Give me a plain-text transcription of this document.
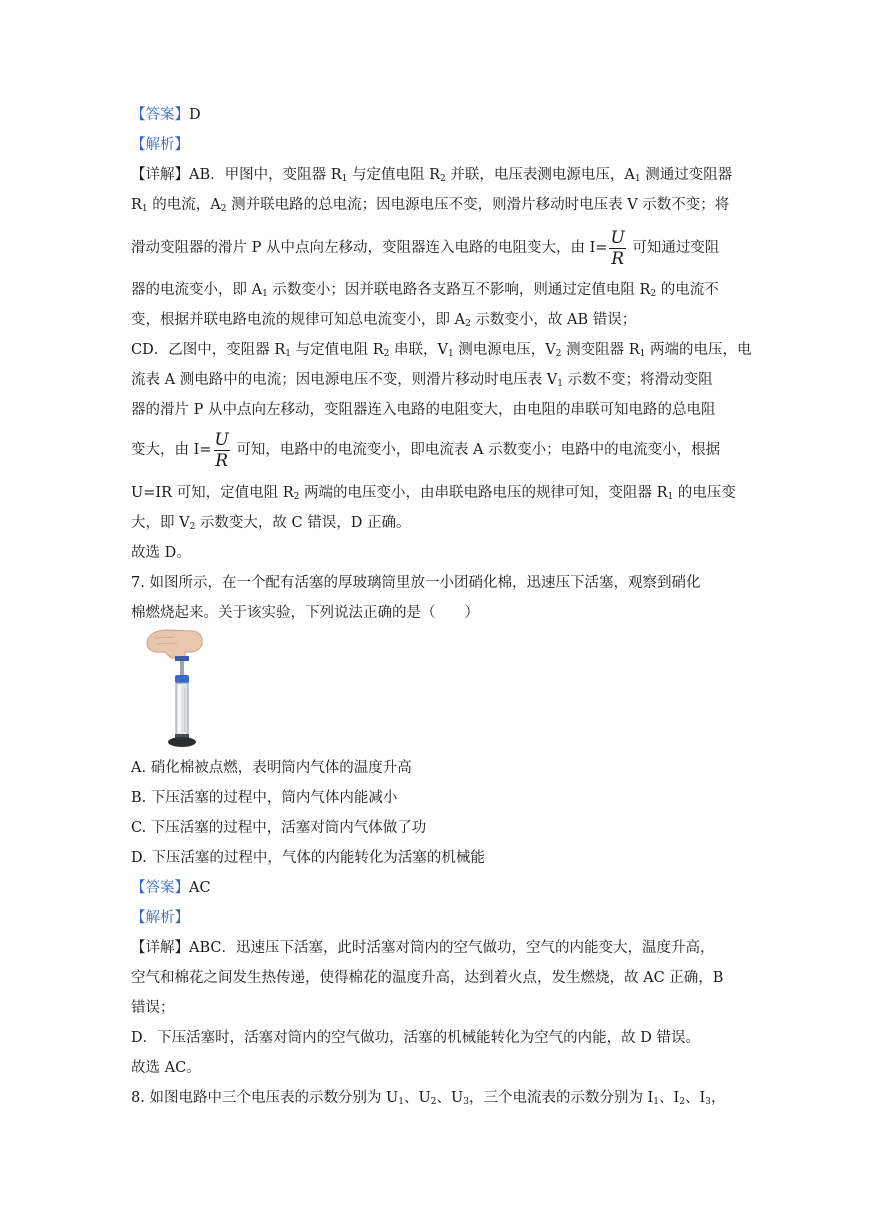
【答案】D
【解析】
【详解】AB．甲图中，变阻器 $R_1$ 与定值电阻 $R_2$ 并联，电压表测电源电压，$A_1$ 测通过变阻器
$R_1$ 的电流，$A_2$ 测并联电路的总电流；因电源电压不变，则滑片移动时电压表 V 示数不变；将
滑动变阻器的滑片 P 从中点向左移动，变阻器连入电路的电阻变大，由 $I= \frac{U}{R}$ 可知通过变阻
器的电流变小，即 $A_1$ 示数变小；因并联电路各支路互不影响，则通过定值电阻 $R_2$ 的电流不
变，根据并联电路电流的规律可知总电流变小，即 $A_2$ 示数变小，故 AB 错误；
CD．乙图中，变阻器 $R_1$ 与定值电阻 $R_2$ 串联，$V_1$ 测电源电压，$V_2$ 测变阻器 $R_1$ 两端的电压，电
流表 A 测电路中的电流；因电源电压不变，则滑片移动时电压表 $V_1$ 示数不变；将滑动变阻
器的滑片 P 从中点向左移动，变阻器连入电路的电阻变大，由电阻的串联可知电路的总电阻
变大，由 $I= \frac{U}{R}$ 可知，电路中的电流变小，即电流表 A 示数变小；电路中的电流变小，根据
U=IR 可知，定值电阻 $R_2$ 两端的电压变小，由串联电路电压的规律可知，变阻器 $R_1$ 的电压变
大，即 $V_2$ 示数变大，故 C 错误，D 正确。
故选 D。
7. 如图所示，在一个配有活塞的厚玻璃筒里放一小团硝化棉，迅速压下活塞，观察到硝化
棉燃烧起来。关于该实验，下列说法正确的是（　　）
A. 硝化棉被点燃，表明筒内气体的温度升高
B. 下压活塞的过程中，筒内气体内能减小
C. 下压活塞的过程中，活塞对筒内气体做了功
D. 下压活塞的过程中，气体的内能转化为活塞的机械能
【答案】AC
【解析】
【详解】ABC．迅速压下活塞，此时活塞对筒内的空气做功，空气的内能变大，温度升高，
空气和棉花之间发生热传递，使得棉花的温度升高，达到着火点，发生燃烧，故 AC 正确，B
错误；
D．下压活塞时，活塞对筒内的空气做功，活塞的机械能转化为空气的内能，故 D 错误。
故选 AC。
8. 如图电路中三个电压表的示数分别为 $U_1$、$U_2$、$U_3$，三个电流表的示数分别为 $I_1$、$I_2$、$I_3$，
